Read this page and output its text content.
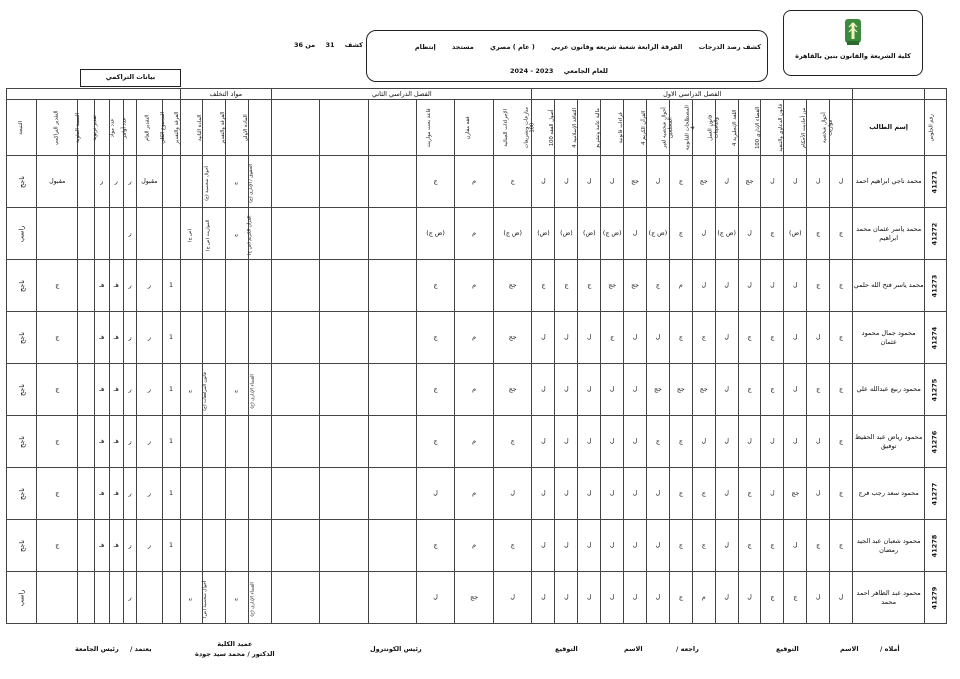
كلية الشريعة والقانون بنين بالقاهرة
كشف رصد الدرجات الفرقة الرابعة شعبة شريعه وقانون عربي ( عام ) مصري مستجد إنتظام
للعام الجامعي 2023 - 2024
كشف 31 من 36
بيانات التراكمي
		الفصل الدراسي الاول														الفصل الدراسي الثاني						مواد التخلف											
رقم الجلوس	إسم الطالب	أحوال شخصية مواريث	من أحاديث الأحكام	قانون الدعاوى والتنفيذ	القضاء الإداري 100	اللغة الإنجليزية 4	قانون العمل والتأمينات	المصطلحات القانونية 4	أحوال شخصية لغير المسلمين	القرآن الكريم 4	قراءات قانونية	مالية عامة وتشريع	الثقافة الإسلامية 4	أصول الفقه 100	منازعات وتشريعات 100	الإجراءات الجنائية	فقه مقارن	قاعة بحث مواريث				المادة الاولي	الفرقة والتقدير	المادة الثانية	الفرقة والتقدير	المجموع الكلي	التقدير العام	عدد أوامر	عدد مواد	تقدير تربوية	النسبة المئوية	التقدير التراكمي	النتيجة
41271	محمد ناجي ابراهيم احمد	ل	ل	ل	ل	جج	ل	جج	ج	ل	جج	ل	ل	ل	ل	ج	م	ج				الحقوق / الإداري (ج)	ج	أحوال شخصية (ج)			مقبول	ر	ر	ر		مقبول	ناجح
41272	محمد ياسر عثمان محمد ابراهيم	ج	ج	(ض)	ج	ل	(ض ج)	ل	ج	(ض ج)	ل	(ض ج)	(ض)	(ض)	(ض)	(ض ج)	م	(ض ج)				القرآن الكريم (ض ج)	ج	المواريث (ض ج)	(ض ج)			ر					راسب
41273	محمد ياسر فتح الله حلمي	ج	ج	ل	ل	ل	ل	ل	م	ج	جج	جج	ج	ج	ج	جج	م	ج								1	ر	ر	هـ	هـ		ج	ناجح
41274	محمود جمال محمود عثمان	ج	ل	ل	ج	ج	ل	ج	ج	ل	ل	ج	ل	ل	ل	جج	م	ج								1	ر	ر	هـ	هـ		ج	ناجح
41275	محمود ربيع عبدالله علي	ج	ج	ل	ج	ج	ل	جج	جج	جج	ل	ل	ل	ل	ل	جج	م	ج				القضاء الإداري (ج)	ج	قانون المرافعات (ج)	ج	1	ر	ر	هـ	هـ		ج	ناجح
41276	محمود رياض عبد الحفيظ توفيق	ج	ل	ل	ل	ل	ل	ل	ج	ج	ل	ل	ل	ل	ل	ج	م	ج								1	ر	ر	هـ	هـ		ج	ناجح
41277	محمود سعد رجب فرج	ج	ل	جج	ل	ج	ل	ج	ج	ل	ل	ل	ل	ل	ل	ل	م	ل								1	ر	ر	هـ	هـ		ج	ناجح
41278	محمود شعبان عبد الجيد رمضان	ج	ج	ل	ج	ج	ل	ج	ج	ل	ل	ل	ل	ل	ل	ج	م	ج								1	ر	ر	هـ	هـ		ج	ناجح
41279	محمود عبد الظاهر احمد محمد	ل	ل	ج	ج	ل	ل	م	ج	ل	ل	ل	ل	ل	ل	ل	جج	ل				القضاء الإداري (ج)	ج	أحوال شخصية (ض)	ج			ر					راسب
أملاه /
الاسم
التوقيع
راجعه /
الاسم
التوقيع
رئيس الكونترول
عميد الكلية
الدكتور / محمد سيد جودة
يعتمد /
رئيس الجامعة
